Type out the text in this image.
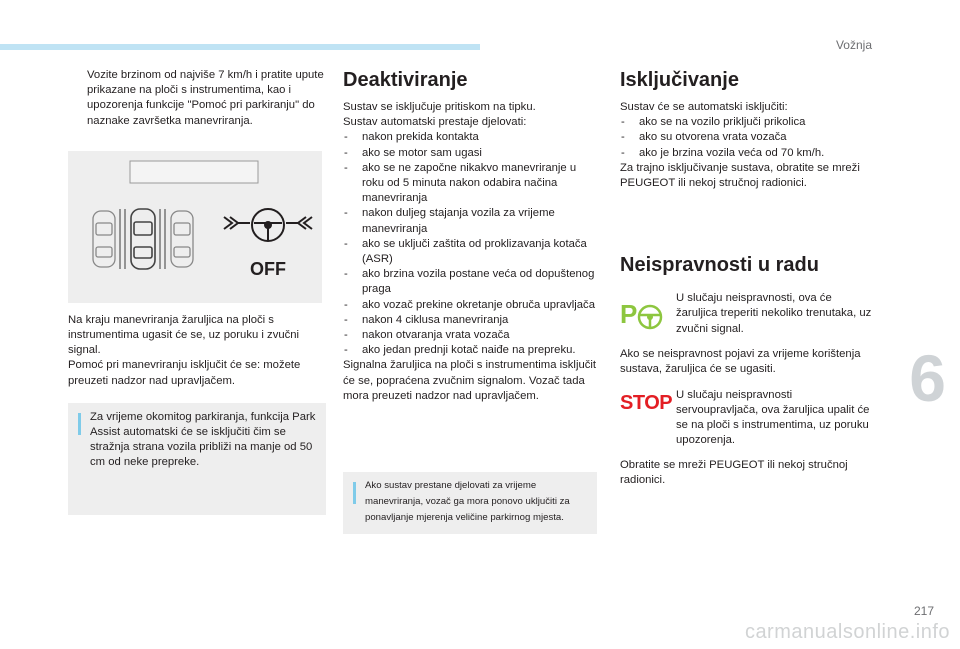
Vožnja
6
217
carmanualsonline.info

Vozite brzinom od najviše 7 km/h i pratite upute prikazane na ploči s instrumentima, kao i upozorenja funkcije "Pomoć pri parkiranju" do naznake završetka manevriranja.

OFF

Na kraju manevriranja žaruljica na ploči s instrumentima ugasit će se, uz poruku i zvučni signal.

Pomoć pri manevriranju isključit će se: možete preuzeti nadzor nad upravljačem.

Za vrijeme okomitog parkiranja, funkcija Park Assist automatski će se isključiti čim se stražnja strana vozila približi na manje od 50 cm od neke prepreke.
Deaktiviranje

Sustav se isključuje pritiskom na tipku.

Sustav automatski prestaje djelovati:

- nakon prekida kontakta
- ako se motor sam ugasi
- ako se ne započne nikakvo manevriranje u roku od 5 minuta nakon odabira načina manevriranja
- nakon duljeg stajanja vozila za vrijeme manevriranja
- ako se uključi zaštita od proklizavanja kotača (ASR)
- ako brzina vozila postane veća od dopuštenog praga
- ako vozač prekine okretanje obruča upravljača
- nakon 4 ciklusa manevriranja
- nakon otvaranja vrata vozača
- ako jedan prednji kotač naiđe na prepreku.

Signalna žaruljica na ploči s instrumentima isključit će se, popraćena zvučnim signalom. Vozač tada mora preuzeti nadzor nad upravljačem.

Ako sustav prestane djelovati za vrijeme manevriranja, vozač ga mora ponovo uključiti za ponavljanje mjerenja veličine parkirnog mjesta.
Isključivanje

Sustav će se automatski isključiti:

- ako se na vozilo priključi prikolica
- ako su otvorena vrata vozača
- ako je brzina vozila veća od 70 km/h.

Za trajno isključivanje sustava, obratite se mreži PEUGEOT ili nekoj stručnoj radionici.

Neispravnosti u radu
P

U slučaju neispravnosti, ova će žaruljica treperiti nekoliko trenutaka, uz zvučni signal.

Ako se neispravnost pojavi za vrijeme korištenja sustava, žaruljica će se ugasiti.

STOP U slučaju neispravnosti servoupravljača, ova žaruljica upalit će se na ploči s instrumentima, uz poruku upozorenja.

Obratite se mreži PEUGEOT ili nekoj stručnoj radionici.
